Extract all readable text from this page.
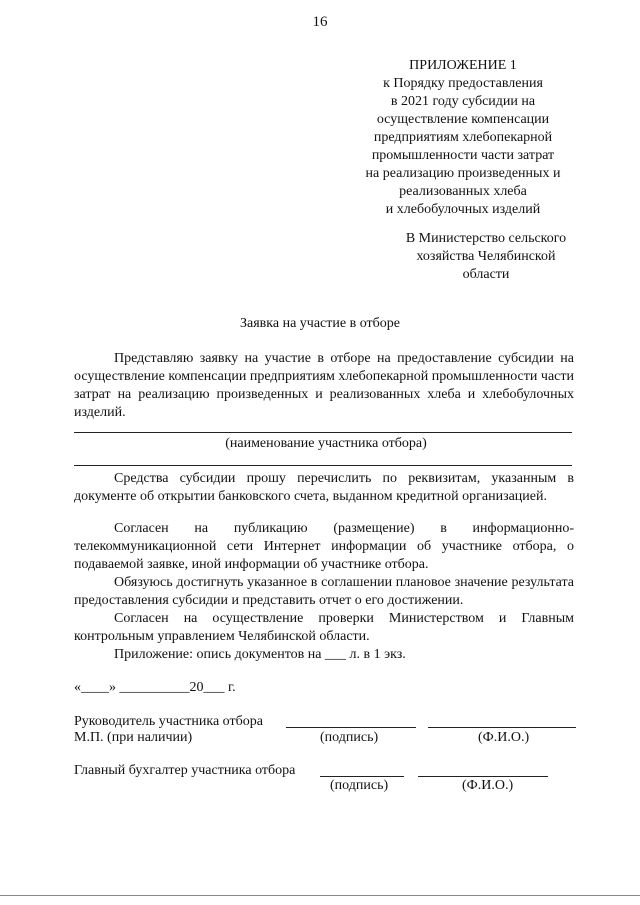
16
ПРИЛОЖЕНИЕ 1
к Порядку предоставления
в 2021 году субсидии на
осуществление компенсации
предприятиям хлебопекарной
промышленности части затрат
на реализацию произведенных и
реализованных хлеба
и хлебобулочных изделий
В Министерство сельского
хозяйства Челябинской
области
Заявка на участие в отборе
Представляю заявку на участие в отборе на предоставление субсидии на осуществление компенсации предприятиям хлебопекарной промышленности части затрат на реализацию произведенных и реализованных хлеба и хлебобулочных изделий.
(наименование участника отбора)
Средства субсидии прошу перечислить по реквизитам, указанным в документе об открытии банковского счета, выданном кредитной организацией.
Согласен на публикацию (размещение) в информационно-телекоммуникационной сети Интернет информации об участнике отбора, о подаваемой заявке, иной информации об участнике отбора.
Обязуюсь достигнуть указанное в соглашении плановое значение результата предоставления субсидии и представить отчет о его достижении.
Согласен на осуществление проверки Министерством и Главным контрольным управлением Челябинской области.
Приложение: опись документов на ___ л. в 1 экз.
«____» __________20___ г.
Руководитель участника отбора
М.П. (при наличии)	(подпись)	(Ф.И.О.)
Главный бухгалтер участника отбора
(подпись)	(Ф.И.О.)
